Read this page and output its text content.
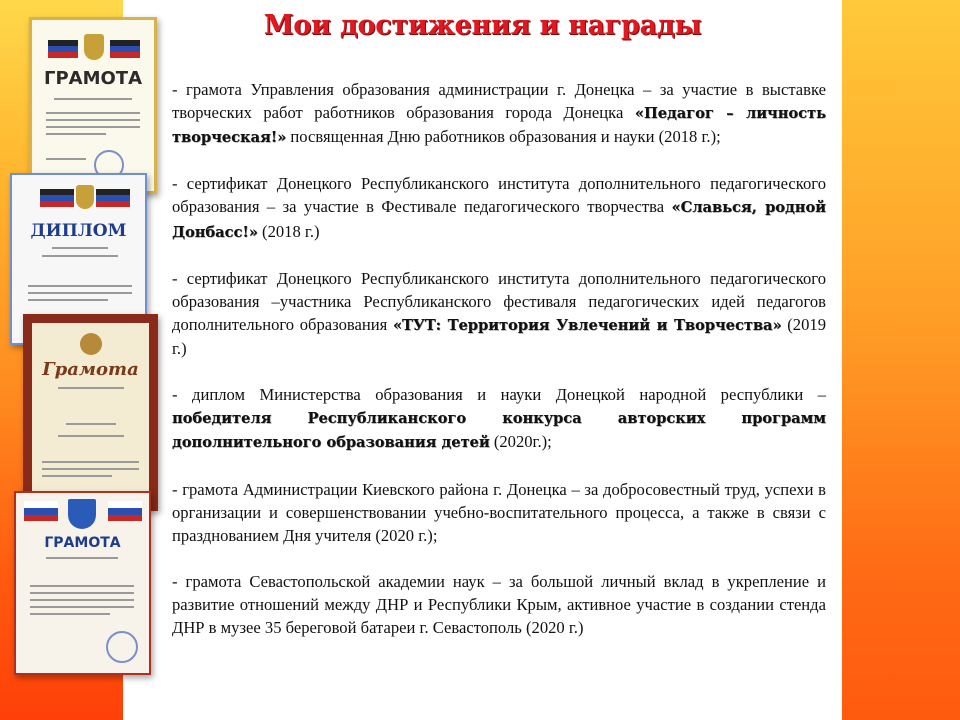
ГРАМОТА
ДИПЛОМ
Грамота
ГРАМОТА
Мои достижения и награды

- грамота Управления образования администрации г. Донецка – за участие в выставке творческих работ работников образования города Донецка «Педагог – личность творческая!» посвященная Дню работников образования и науки (2018 г.);

- сертификат Донецкого Республиканского института дополнительного педагогического образования – за участие в Фестивале педагогического творчества «Славься, родной Донбасс!» (2018 г.)

- сертификат Донецкого Республиканского института дополнительного педагогического образования –участника Республиканского фестиваля педагогических идей педагогов дополнительного образования «ТУТ: Территория Увлечений и Творчества» (2019 г.)

- диплом Министерства образования и науки Донецкой народной республики – победителя Республиканского конкурса авторских программ дополнительного образования детей (2020г.);

- грамота Администрации Киевского района г. Донецка – за добросовестный труд, успехи в организации и совершенствовании учебно-воспитательного процесса, а также в связи с празднованием Дня учителя (2020 г.);

- грамота Севастопольской академии наук – за большой личный вклад в укрепление и развитие отношений между ДНР и Республики Крым, активное участие в создании стенда ДНР в музее 35 береговой батареи г. Севастополь (2020 г.)
